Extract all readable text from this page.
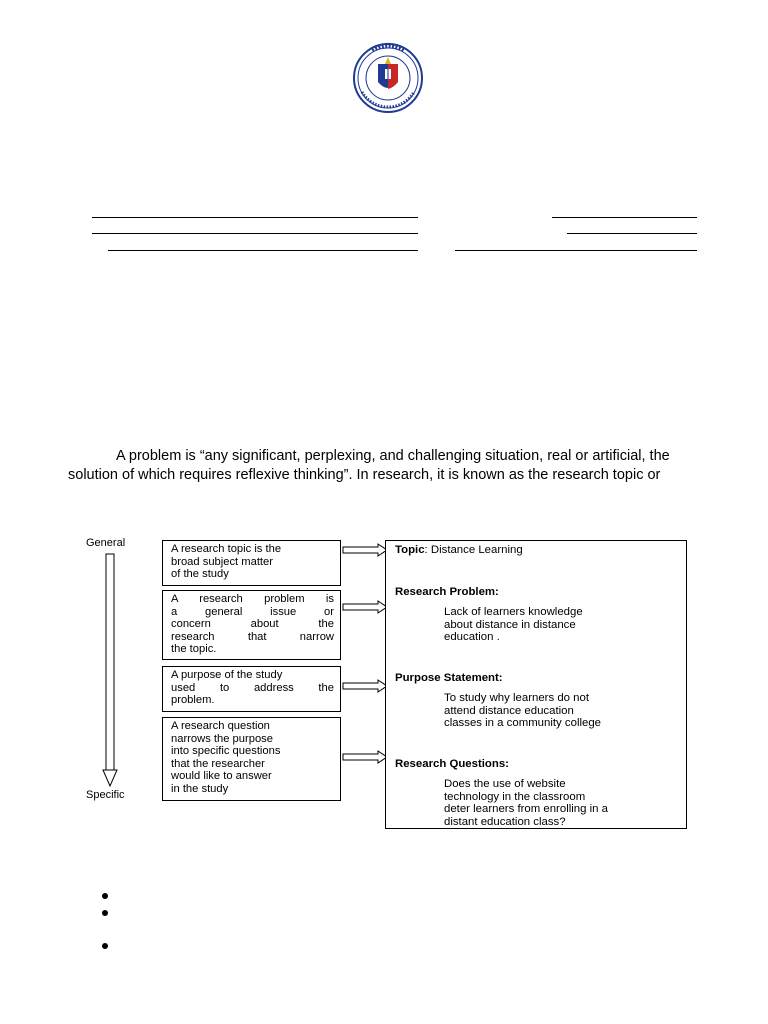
A problem is “any significant, perplexing, and challenging situation, real or artificial, the
solution of which requires reflexive thinking”. In research, it is known as the research topic or
General
Specific
A research topic is the
broad subject matter
of the study
A research problem is
a general issue or
concern about the
research that narrow
the topic.
A purpose of the study
used to address the
problem.
A research question
narrows the purpose
into specific questions
that the researcher
would like to answer
in the study
Topic: Distance Learning
Research Problem:
Lack of learners knowledge
about distance in distance
education .
Purpose Statement:
To study why learners do not
attend distance education
classes in a community college
Research Questions:
Does the use of website
technology in the classroom
deter learners from enrolling in a
distant education class?
